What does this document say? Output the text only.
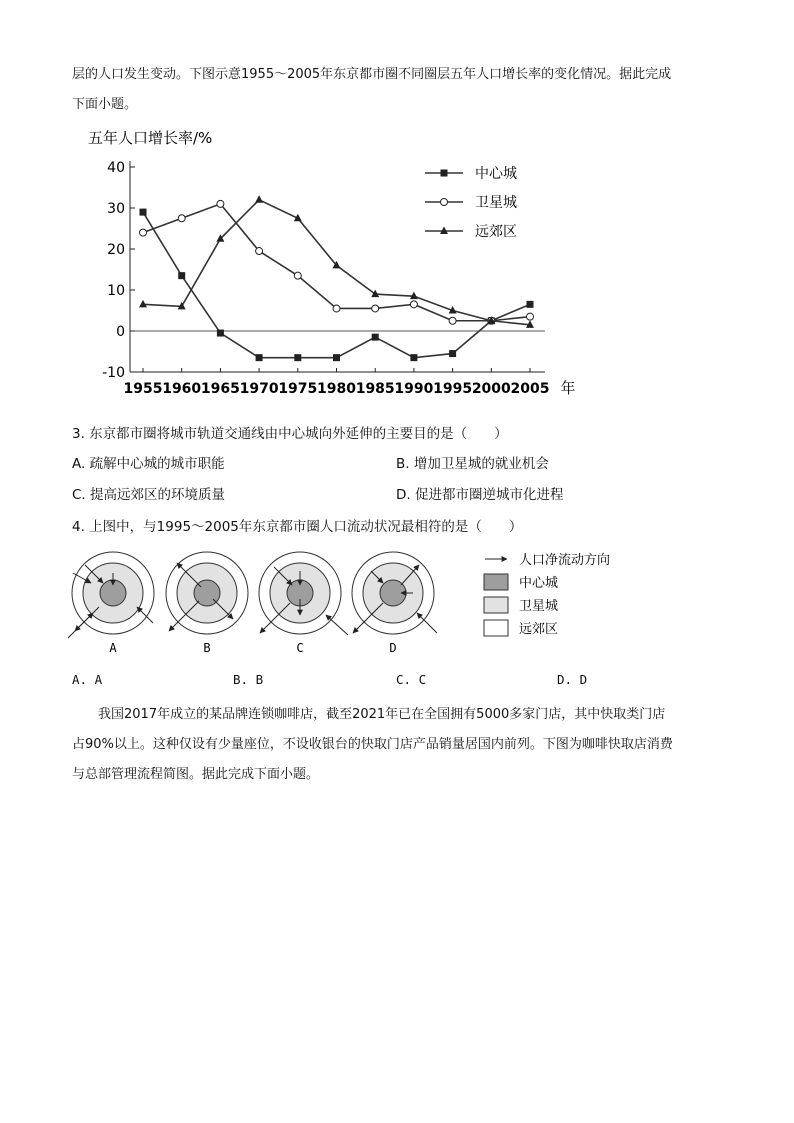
层的人口发生变动。下图示意1955～2005年东京都市圈不同圈层五年人口增长率的变化情况。据此完成
下面小题。
五年人口增长率/%
40
30
20
10
0
-10
1955 1960 1965 1970 1975 1980 1985 1990 1995 2000 2005 年
中心城
卫星城
远郊区
3. 东京都市圈将城市轨道交通线由中心城向外延伸的主要目的是（　　）
A. 疏解中心城的城市职能	B. 增加卫星城的就业机会
C. 提高远郊区的环境质量	D. 促进都市圈逆城市化进程
4. 上图中，与1995～2005年东京都市圈人口流动状况最相符的是（　　）
A	B	C	D
人口净流动方向
中心城
卫星城
远郊区
A. A	B. B	C. C	D. D
我国2017年成立的某品牌连锁咖啡店，截至2021年已在全国拥有5000多家门店，其中快取类门店
占90%以上。这种仅设有少量座位，不设收银台的快取门店产品销量居国内前列。下图为咖啡快取店消费
与总部管理流程简图。据此完成下面小题。
